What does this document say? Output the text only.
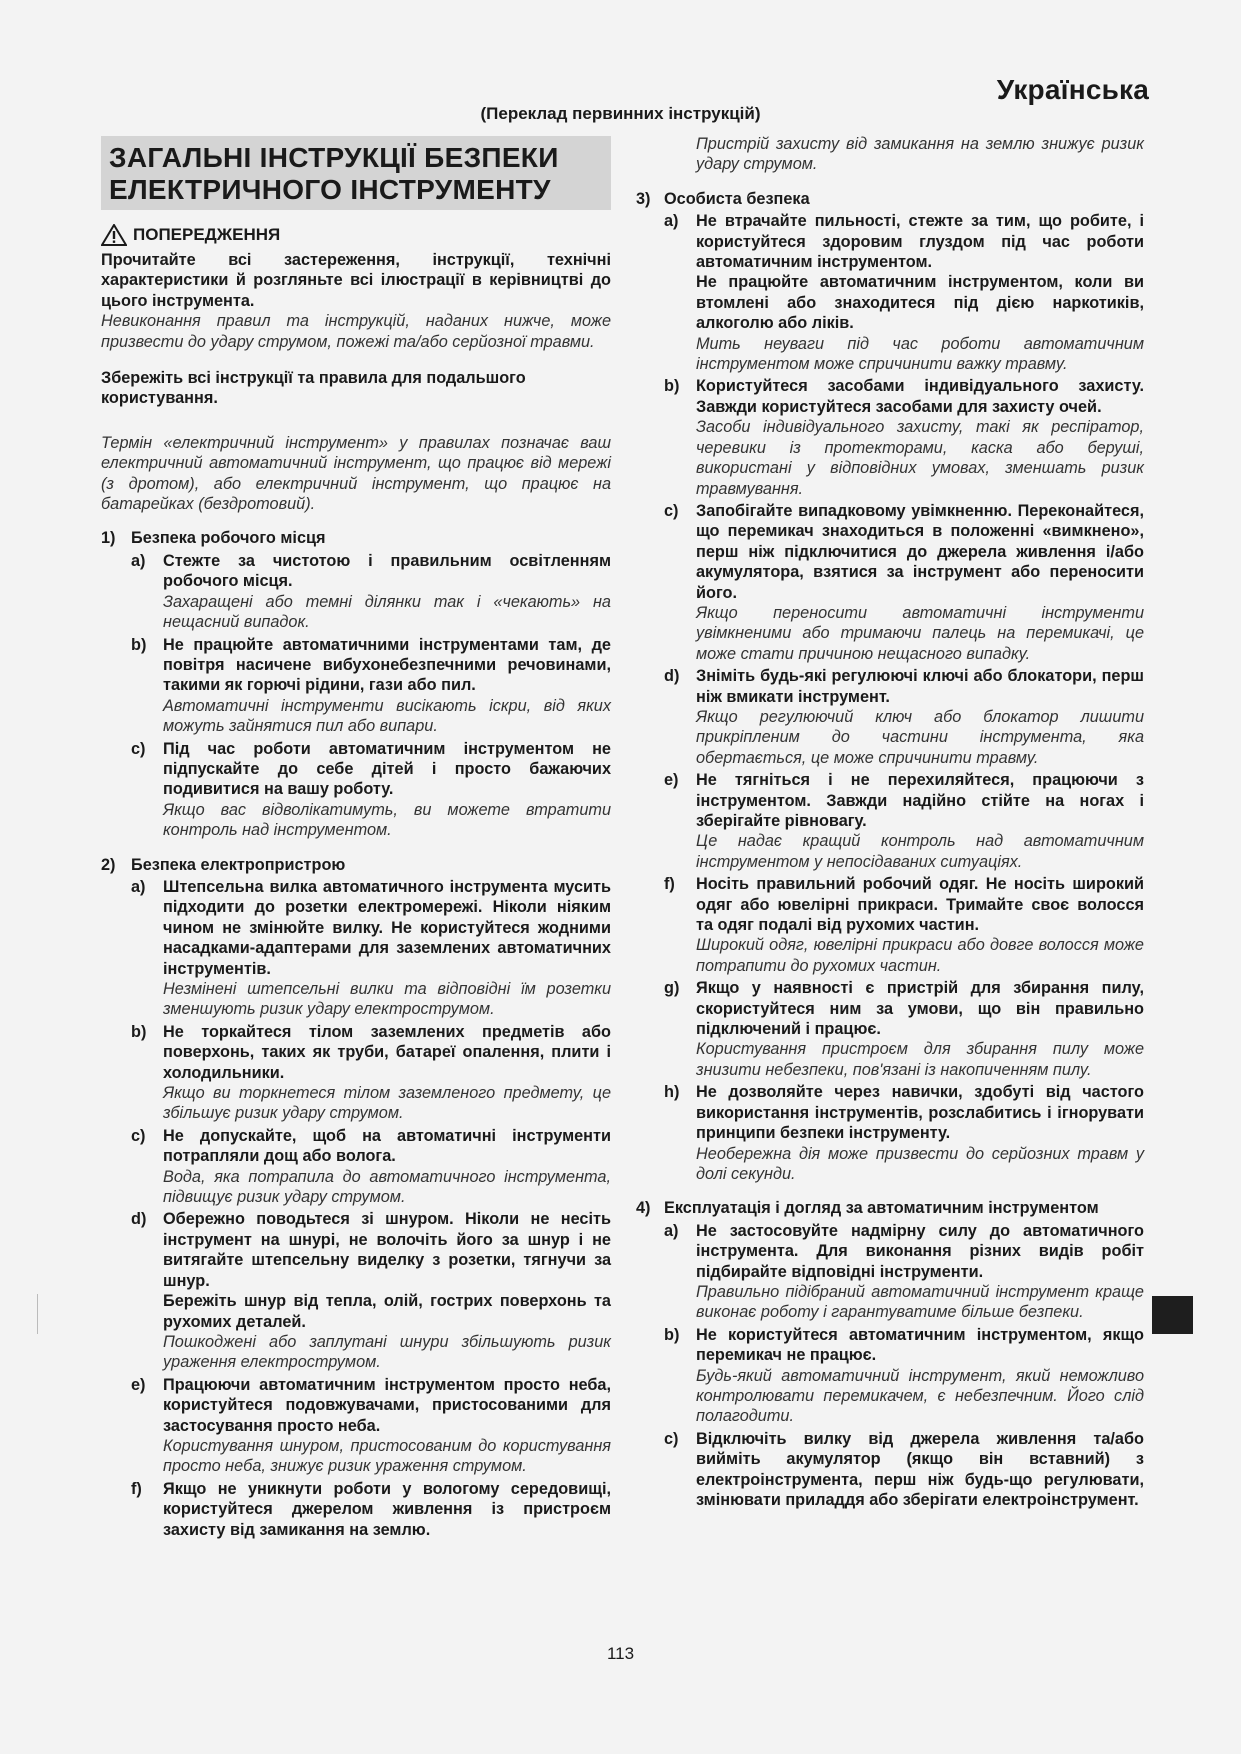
Українська
(Переклад первинних інструкцій)
ЗАГАЛЬНІ ІНСТРУКЦІЇ БЕЗПЕКИ
ЕЛЕКТРИЧНОГО ІНСТРУМЕНТУ
ПОПЕРЕДЖЕННЯ

Прочитайте всі застереження, інструкції, технічні характеристики й розгляньте всі ілюстрації в керівництві до цього інструмента.

Невиконання правил та інструкцій, наданих нижче, може призвести до удару струмом, пожежі та/або серйозної травми.

Збережіть всі інструкції та правила для подальшого користування.

Термін «електричний інструмент» у правилах позначає ваш електричний автоматичний інструмент, що працює від мережі (з дротом), або електричний інструмент, що працює на батарейках (бездротовий).

1) Безпека робочого місця
a) Стежте за чистотою і правильним освітленням робочого місця.

Захаращені або темні ділянки так і «чекають» на нещасний випадок.

b) Не працюйте автоматичними інструментами там, де повітря насичене вибухонебезпечними речовинами, такими як горючі рідини, гази або пил.

Автоматичні інструменти висікають іскри, від яких можуть зайнятися пил або випари.

c) Під час роботи автоматичним інструментом не підпускайте до себе дітей і просто бажаючих подивитися на вашу роботу.

Якщо вас відволікатимуть, ви можете втратити контроль над інструментом.

2) Безпека електропристрою
a) Штепсельна вилка автоматичного інструмента мусить підходити до розетки електромережі. Ніколи ніяким чином не змінюйте вилку. Не користуйтеся жодними насадками-адаптерами для заземлених автоматичних інструментів.

Незмінені штепсельні вилки та відповідні їм розетки зменшують ризик удару електрострумом.

b) Не торкайтеся тілом заземлених предметів або поверхонь, таких як труби, батареї опалення, плити і холодильники.

Якщо ви торкнетеся тілом заземленого предмету, це збільшує ризик удару струмом.

c) Не допускайте, щоб на автоматичні інструменти потрапляли дощ або волога.

Вода, яка потрапила до автоматичного інструмента, підвищує ризик удару струмом.

d) Обережно поводьтеся зі шнуром. Ніколи не несіть інструмент на шнурі, не волочіть його за шнур і не витягайте штепсельну виделку з розетки, тягнучи за шнур.

Бережіть шнур від тепла, олій, гострих поверхонь та рухомих деталей.

Пошкоджені або заплутані шнури збільшують ризик ураження електрострумом.

e) Працюючи автоматичним інструментом просто неба, користуйтеся подовжувачами, пристосованими для застосування просто неба.

Користування шнуром, пристосованим до користування просто неба, знижує ризик ураження струмом.

f) Якщо не уникнути роботи у вологому середовищі, користуйтеся джерелом живлення із пристроєм захисту від замикання на землю.

Пристрій захисту від замикання на землю знижує ризик удару струмом.

3) Особиста безпека
a) Не втрачайте пильності, стежте за тим, що робите, і користуйтеся здоровим глуздом під час роботи автоматичним інструментом.

Не працюйте автоматичним інструментом, коли ви втомлені або знаходитеся під дією наркотиків, алкоголю або ліків.

Мить неуваги під час роботи автоматичним інструментом може спричинити важку травму.

b) Користуйтеся засобами індивідуального захисту. Завжди користуйтеся засобами для захисту очей.

Засоби індивідуального захисту, такі як респіратор, черевики із протекторами, каска або беруші, використані у відповідних умовах, зменшать ризик травмування.

c) Запобігайте випадковому увімкненню. Переконайтеся, що перемикач знаходиться в положенні «вимкнено», перш ніж підключитися до джерела живлення і/або акумулятора, взятися за інструмент або переносити його.

Якщо переносити автоматичні інструменти увімкненими або тримаючи палець на перемикачі, це може стати причиною нещасного випадку.

d) Зніміть будь-які регулюючі ключі або блокатори, перш ніж вмикати інструмент.

Якщо регулюючий ключ або блокатор лишити прикріпленим до частини інструмента, яка обертається, це може спричинити травму.

e) Не тягніться і не перехиляйтеся, працюючи з інструментом. Завжди надійно стійте на ногах і зберігайте рівновагу.

Це надає кращий контроль над автоматичним інструментом у непосідаваних ситуаціях.

f) Носіть правильний робочий одяг. Не носіть широкий одяг або ювелірні прикраси. Тримайте своє волосся та одяг подалі від рухомих частин.

Широкий одяг, ювелірні прикраси або довге волосся може потрапити до рухомих частин.

g) Якщо у наявності є пристрій для збирання пилу, скористуйтеся ним за умови, що він правильно підключений і працює.

Користування пристроєм для збирання пилу може знизити небезпеки, пов'язані із накопиченням пилу.

h) Не дозволяйте через навички, здобуті від частого використання інструментів, розслабитись і ігнорувати принципи безпеки інструменту.

Необережна дія може призвести до серйозних травм у долі секунди.

4) Експлуатація і догляд за автоматичним інструментом
a) Не застосовуйте надмірну силу до автоматичного інструмента. Для виконання різних видів робіт підбирайте відповідні інструменти.

Правильно підібраний автоматичний інструмент краще виконає роботу і гарантуватиме більше безпеки.

b) Не користуйтеся автоматичним інструментом, якщо перемикач не працює.

Будь-який автоматичний інструмент, який неможливо контролювати перемикачем, є небезпечним. Його слід полагодити.

c) Відключіть вилку від джерела живлення та/або вийміть акумулятор (якщо він вставний) з електроінструмента, перш ніж будь-що регулювати, змінювати приладдя або зберігати електроінструмент.

113
